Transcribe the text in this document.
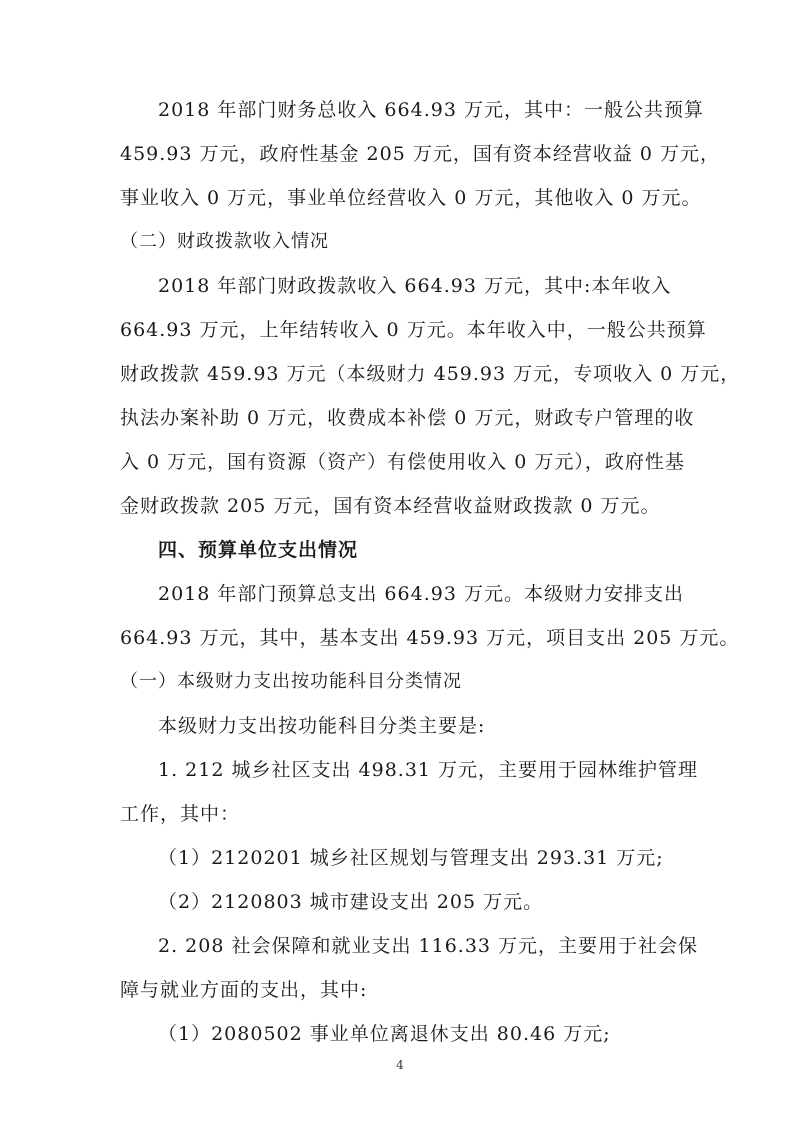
2018 年部门财务总收入 664.93 万元，其中：一般公共预算
459.93 万元，政府性基金 205 万元，国有资本经营收益 0 万元，
事业收入 0 万元，事业单位经营收入 0 万元，其他收入 0 万元。
（二）财政拨款收入情况
2018 年部门财政拨款收入 664.93 万元，其中:本年收入
664.93 万元，上年结转收入 0 万元。本年收入中，一般公共预算
财政拨款 459.93 万元（本级财力 459.93 万元，专项收入 0 万元，
执法办案补助 0 万元，收费成本补偿 0 万元，财政专户管理的收
入 0 万元，国有资源（资产）有偿使用收入 0 万元），政府性基
金财政拨款 205 万元，国有资本经营收益财政拨款 0 万元。
四、预算单位支出情况
2018 年部门预算总支出 664.93 万元。本级财力安排支出
664.93 万元，其中，基本支出 459.93 万元，项目支出 205 万元。
（一）本级财力支出按功能科目分类情况
本级财力支出按功能科目分类主要是:
1. 212 城乡社区支出 498.31 万元，主要用于园林维护管理
工作，其中：
（1）2120201 城乡社区规划与管理支出 293.31 万元;
（2）2120803 城市建设支出 205 万元。
2. 208 社会保障和就业支出 116.33 万元，主要用于社会保
障与就业方面的支出，其中:
（1）2080502 事业单位离退休支出 80.46 万元;
4
